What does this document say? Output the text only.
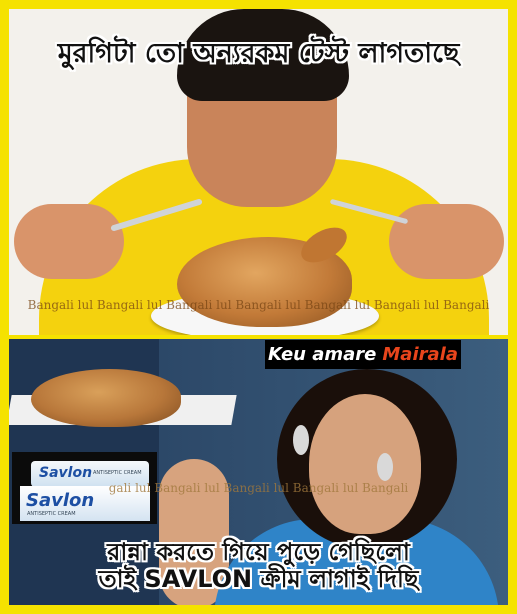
মুরগিটা তো অন্যরকম টেস্ট লাগতাছে
Bangali lul Bangali lul Bangali lul Bangali lul Bangali lul Bangali lul Bangali
Savlon ANTISEPTIC CREAM
Savlon
ANTISEPTIC CREAM
Keu amare Mairala
gali lul Bangali lul Bangali lul Bangali lul Bangali
রান্না করতে গিয়ে পুড়ে গেছিলো
তাই SAVLON ক্রীম লাগাই দিছি
